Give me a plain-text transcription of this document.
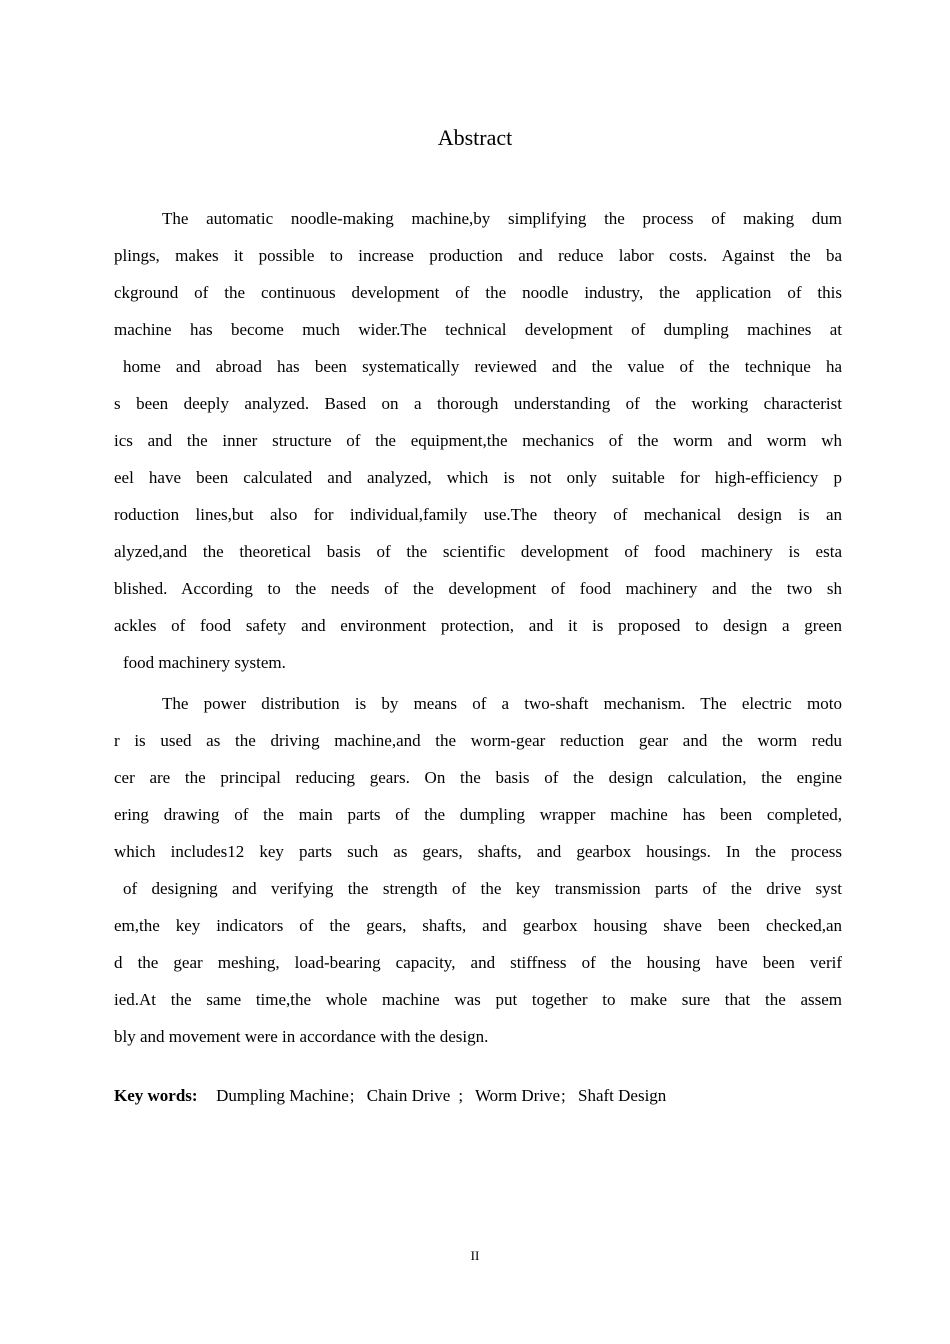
Abstract
The automatic noodle-making machine,by simplifying the process of making dum
plings, makes it possible to increase production and reduce labor costs. Against the ba
ckground of the continuous development of the noodle industry, the application of this
machine has become much wider.The technical development of dumpling machines at
home and abroad has been systematically reviewed and the value of the technique ha
s been deeply analyzed. Based on a thorough understanding of the working characterist
ics and the inner structure of the equipment,the mechanics of the worm and worm wh
eel have been calculated and analyzed, which is not only suitable for high-efficiency p
roduction lines,but also for individual,family use.The theory of mechanical design is an
alyzed,and the theoretical basis of the scientific development of food machinery is esta
blished. According to the needs of the development of food machinery and the two sh
ackles of food safety and environment protection, and it is proposed to design a green
food machinery system.
The power distribution is by means of a two-shaft mechanism. The electric moto
r is used as the driving machine,and the worm-gear reduction gear and the worm redu
cer are the principal reducing gears. On the basis of the design calculation, the engine
ering drawing of the main parts of the dumpling wrapper machine has been completed,
which includes12 key parts such as gears, shafts, and gearbox housings. In the process
of designing and verifying the strength of the key transmission parts of the drive syst
em,the key indicators of the gears, shafts, and gearbox housing shave been checked,an
d the gear meshing, load-bearing capacity, and stiffness of the housing have been verif
ied.At the same time,the whole machine was put together to make sure that the assem
bly and movement were in accordance with the design.
Key words: Dumpling Machine; Chain Drive ; Worm Drive; Shaft Design
II
